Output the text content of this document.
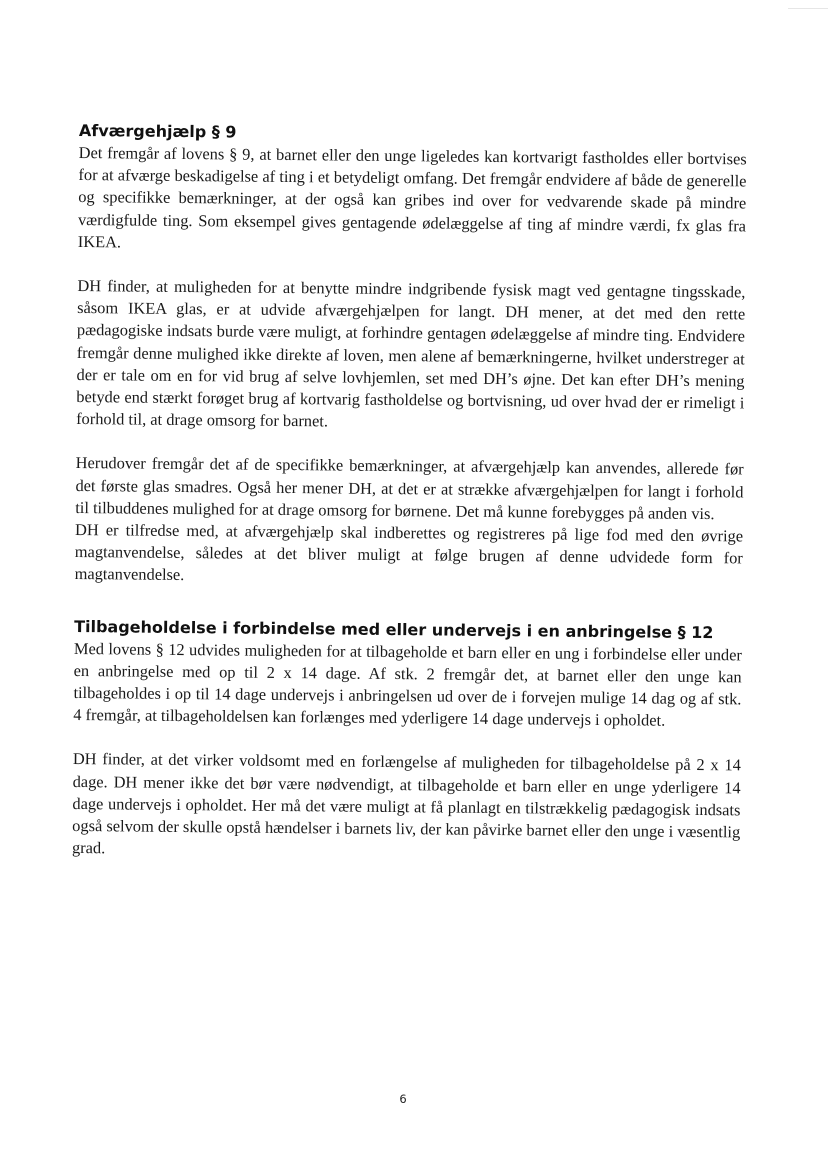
Afværgehjælp § 9

Det fremgår af lovens § 9, at barnet eller den unge ligeledes kan kortvarigt fastholdes eller bortvises for at afværge beskadigelse af ting i et betydeligt omfang. Det fremgår endvidere af både de generelle og specifikke bemærkninger, at der også kan gribes ind over for vedvarende skade på mindre værdigfulde ting. Som eksempel gives gentagende ødelæggelse af ting af mindre værdi, fx glas fra IKEA.

DH finder, at muligheden for at benytte mindre indgribende fysisk magt ved gentagne tingsskade, såsom IKEA glas, er at udvide afværgehjælpen for langt. DH mener, at det med den rette pædagogiske indsats burde være muligt, at forhindre gentagen ødelæggelse af mindre ting. Endvidere fremgår denne mulighed ikke direkte af loven, men alene af bemærkningerne, hvilket understreger at der er tale om en for vid brug af selve lovhjemlen, set med DH’s øjne. Det kan efter DH’s mening betyde end stærkt forøget brug af kortvarig fastholdelse og bortvisning, ud over hvad der er rimeligt i forhold til, at drage omsorg for barnet.

Herudover fremgår det af de specifikke bemærkninger, at afværgehjælp kan anvendes, allerede før det første glas smadres. Også her mener DH, at det er at strække afværgehjælpen for langt i forhold til tilbuddenes mulighed for at drage omsorg for børnene. Det må kunne forebygges på anden vis.

DH er tilfredse med, at afværgehjælp skal indberettes og registreres på lige fod med den øvrige magtanvendelse, således at det bliver muligt at følge brugen af denne udvidede form for magtanvendelse.

Tilbageholdelse i forbindelse med eller undervejs i en anbringelse § 12

Med lovens § 12 udvides muligheden for at tilbageholde et barn eller en ung i forbindelse eller under en anbringelse med op til 2 x 14 dage. Af stk. 2 fremgår det, at barnet eller den unge kan tilbageholdes i op til 14 dage undervejs i anbringelsen ud over de i forvejen mulige 14 dag og af stk. 4 fremgår, at tilbageholdelsen kan forlænges med yderligere 14 dage undervejs i opholdet.

DH finder, at det virker voldsomt med en forlængelse af muligheden for tilbageholdelse på 2 x 14 dage. DH mener ikke det bør være nødvendigt, at tilbageholde et barn eller en unge yderligere 14 dage undervejs i opholdet. Her må det være muligt at få planlagt en tilstrækkelig pædagogisk indsats også selvom der skulle opstå hændelser i barnets liv, der kan påvirke barnet eller den unge i væsentlig grad.

6
